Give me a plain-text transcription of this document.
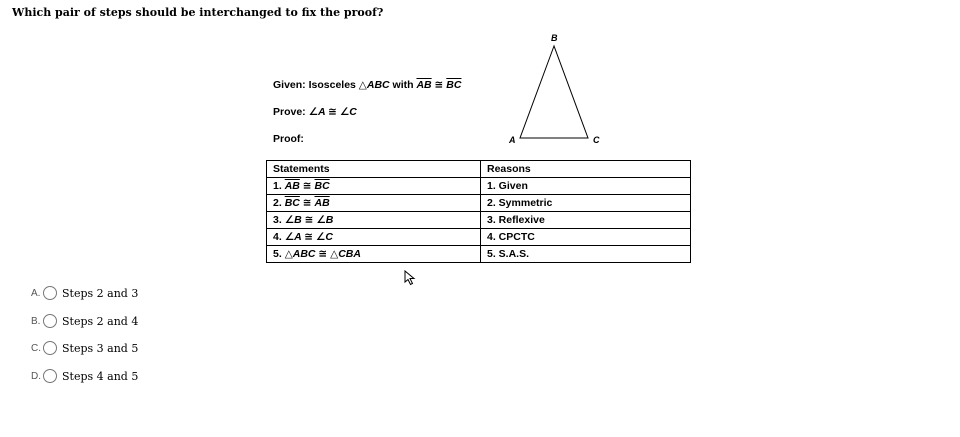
Which pair of steps should be interchanged to fix the proof?
Given: Isosceles △ABC with $\overline{AB}$ ≅ $\overline{BC}$
Prove: ∠A ≅ ∠C
Proof:
B
A	C
Statements	Reasons
1. $\overline{AB}$ ≅ $\overline{BC}$	1. Given
2. $\overline{BC}$ ≅ $\overline{AB}$	2. Symmetric
3. ∠B ≅ ∠B	3. Reflexive
4. ∠A ≅ ∠C	4. CPCTC
5. △ABC ≅ △CBA	5. S.A.S.
A. Steps 2 and 3
B. Steps 2 and 4
C. Steps 3 and 5
D. Steps 4 and 5
